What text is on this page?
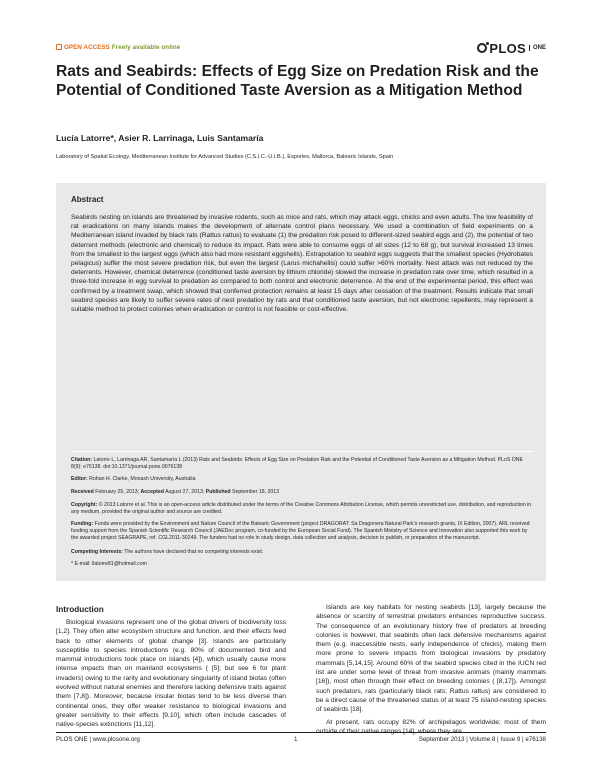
OPEN ACCESS Freely available online	PLOS	ONE
Rats and Seabirds: Effects of Egg Size on Predation Risk and the Potential of Conditioned Taste Aversion as a Mitigation Method
Lucía Latorre*, Asier R. Larrinaga, Luis Santamaría
Laboratory of Spatial Ecology, Mediterranean Institute for Advanced Studies (C.S.I.C.-U.I.B.), Esporles, Mallorca, Balearic Islands, Spain
Abstract

Seabirds nesting on islands are threatened by invasive rodents, such as mice and rats, which may attack eggs, chicks and even adults. The low feasibility of rat eradications on many islands makes the development of alternate control plans necessary. We used a combination of field experiments on a Mediterranean island invaded by black rats (Rattus rattus) to evaluate (1) the predation risk posed to different-sized seabird eggs and (2), the potential of two deterrent methods (electronic and chemical) to reduce its impact. Rats were able to consume eggs of all sizes (12 to 68 g), but survival increased 13 times from the smallest to the largest eggs (which also had more resistant eggshells). Extrapolation to seabird eggs suggests that the smallest species (Hydrobates pelagicus) suffer the most severe predation risk, but even the largest (Larus michahellis) could suffer >60% mortality. Nest attack was not reduced by the deterrents. However, chemical deterrence (conditioned taste aversion by lithium chloride) slowed the increase in predation rate over time, which resulted in a three-fold increase in egg survival to predation as compared to both control and electronic deterrence. At the end of the experimental period, this effect was confirmed by a treatment swap, which showed that conferred protection remains at least 15 days after cessation of the treatment. Results indicate that small seabird species are likely to suffer severe rates of nest predation by rats and that conditioned taste aversion, but not electronic repellents, may represent a suitable method to protect colonies when eradication or control is not feasible or cost-effective.

Citation: Latorre L, Larrinaga AR, Santamaría L (2013) Rats and Seabirds: Effects of Egg Size on Predation Risk and the Potential of Conditioned Taste Aversion as a Mitigation Method. PLoS ONE 8(9): e76138. doi:10.1371/journal.pone.0076138
Editor: Rohan H. Clarke, Monash University, Australia
Received February 25, 2013; Accepted August 27, 2013; Published September 18, 2013
Copyright: © 2013 Latorre et al. This is an open-access article distributed under the terms of the Creative Commons Attribution License, which permits unrestricted use, distribution, and reproduction in any medium, provided the original author and source are credited.
Funding: Funds were provided by the Environment and Nature Council of the Balearic Government (project DRAGORAT: Sa Dragonera Natural Park's research grants, IX Edition, 2007). ARL received funding support from the Spanish Scientific Research Council (JAEDoc program, co-funded by the European Social Fund). The Spanish Ministry of Science and Innovation also supported this work by the awarded project SEAGRAPE, ref. CGL2011-30249. The funders had no role in study design, data collection and analysis, decision to publish, or preparation of the manuscript.
Competing Interests: The authors have declared that no competing interests exist.
* E-mail: llatorre81@hotmail.com
Introduction

Biological invasions represent one of the global drivers of biodiversity loss [1,2]. They often alter ecosystem structure and function, and their effects feed back to other elements of global change [3]. Islands are particularly susceptible to species introductions (e.g. 80% of documented bird and mammal introductions took place on islands [4]), which usually cause more intense impacts than on mainland ecosystems ( [5]; but see 6 for plant invaders) owing to the rarity and evolutionary singularity of island biotas (often evolved without natural enemies and therefore lacking defensive traits against them [7,8]). Moreover, because insular biotas tend to be less diverse than continental ones, they offer weaker resistance to biological invasions and greater sensitivity to their effects [9,10], which often include cascades of native-species extinctions [11,12].

Islands are key habitats for nesting seabirds [13], largely because the absence or scarcity of terrestrial predators enhances reproductive success. The consequence of an evolutionary history free of predators at breeding colonies is however, that seabirds often lack defensive mechanisms against them (e.g. inaccessible nests, early independence of chicks), making them more prone to severe impacts from biological invasions by predatory mammals [5,14,15]. Around 60% of the seabird species cited in the IUCN red list are under some level of threat from invasive animals (mainly mammals [16]), most often through their effect on breeding colonies ( [8,17]). Amongst such predators, rats (particularly black rats; Rattus rattus) are considered to be a direct cause of the threatened status of at least 75 island-nesting species of seabirds [18].

At present, rats occupy 82% of archipelagos worldwide; most of them

PLOS ONE | www.plosone.org	1	September 2013 | Volume 8 | Issue 9 | e76138
